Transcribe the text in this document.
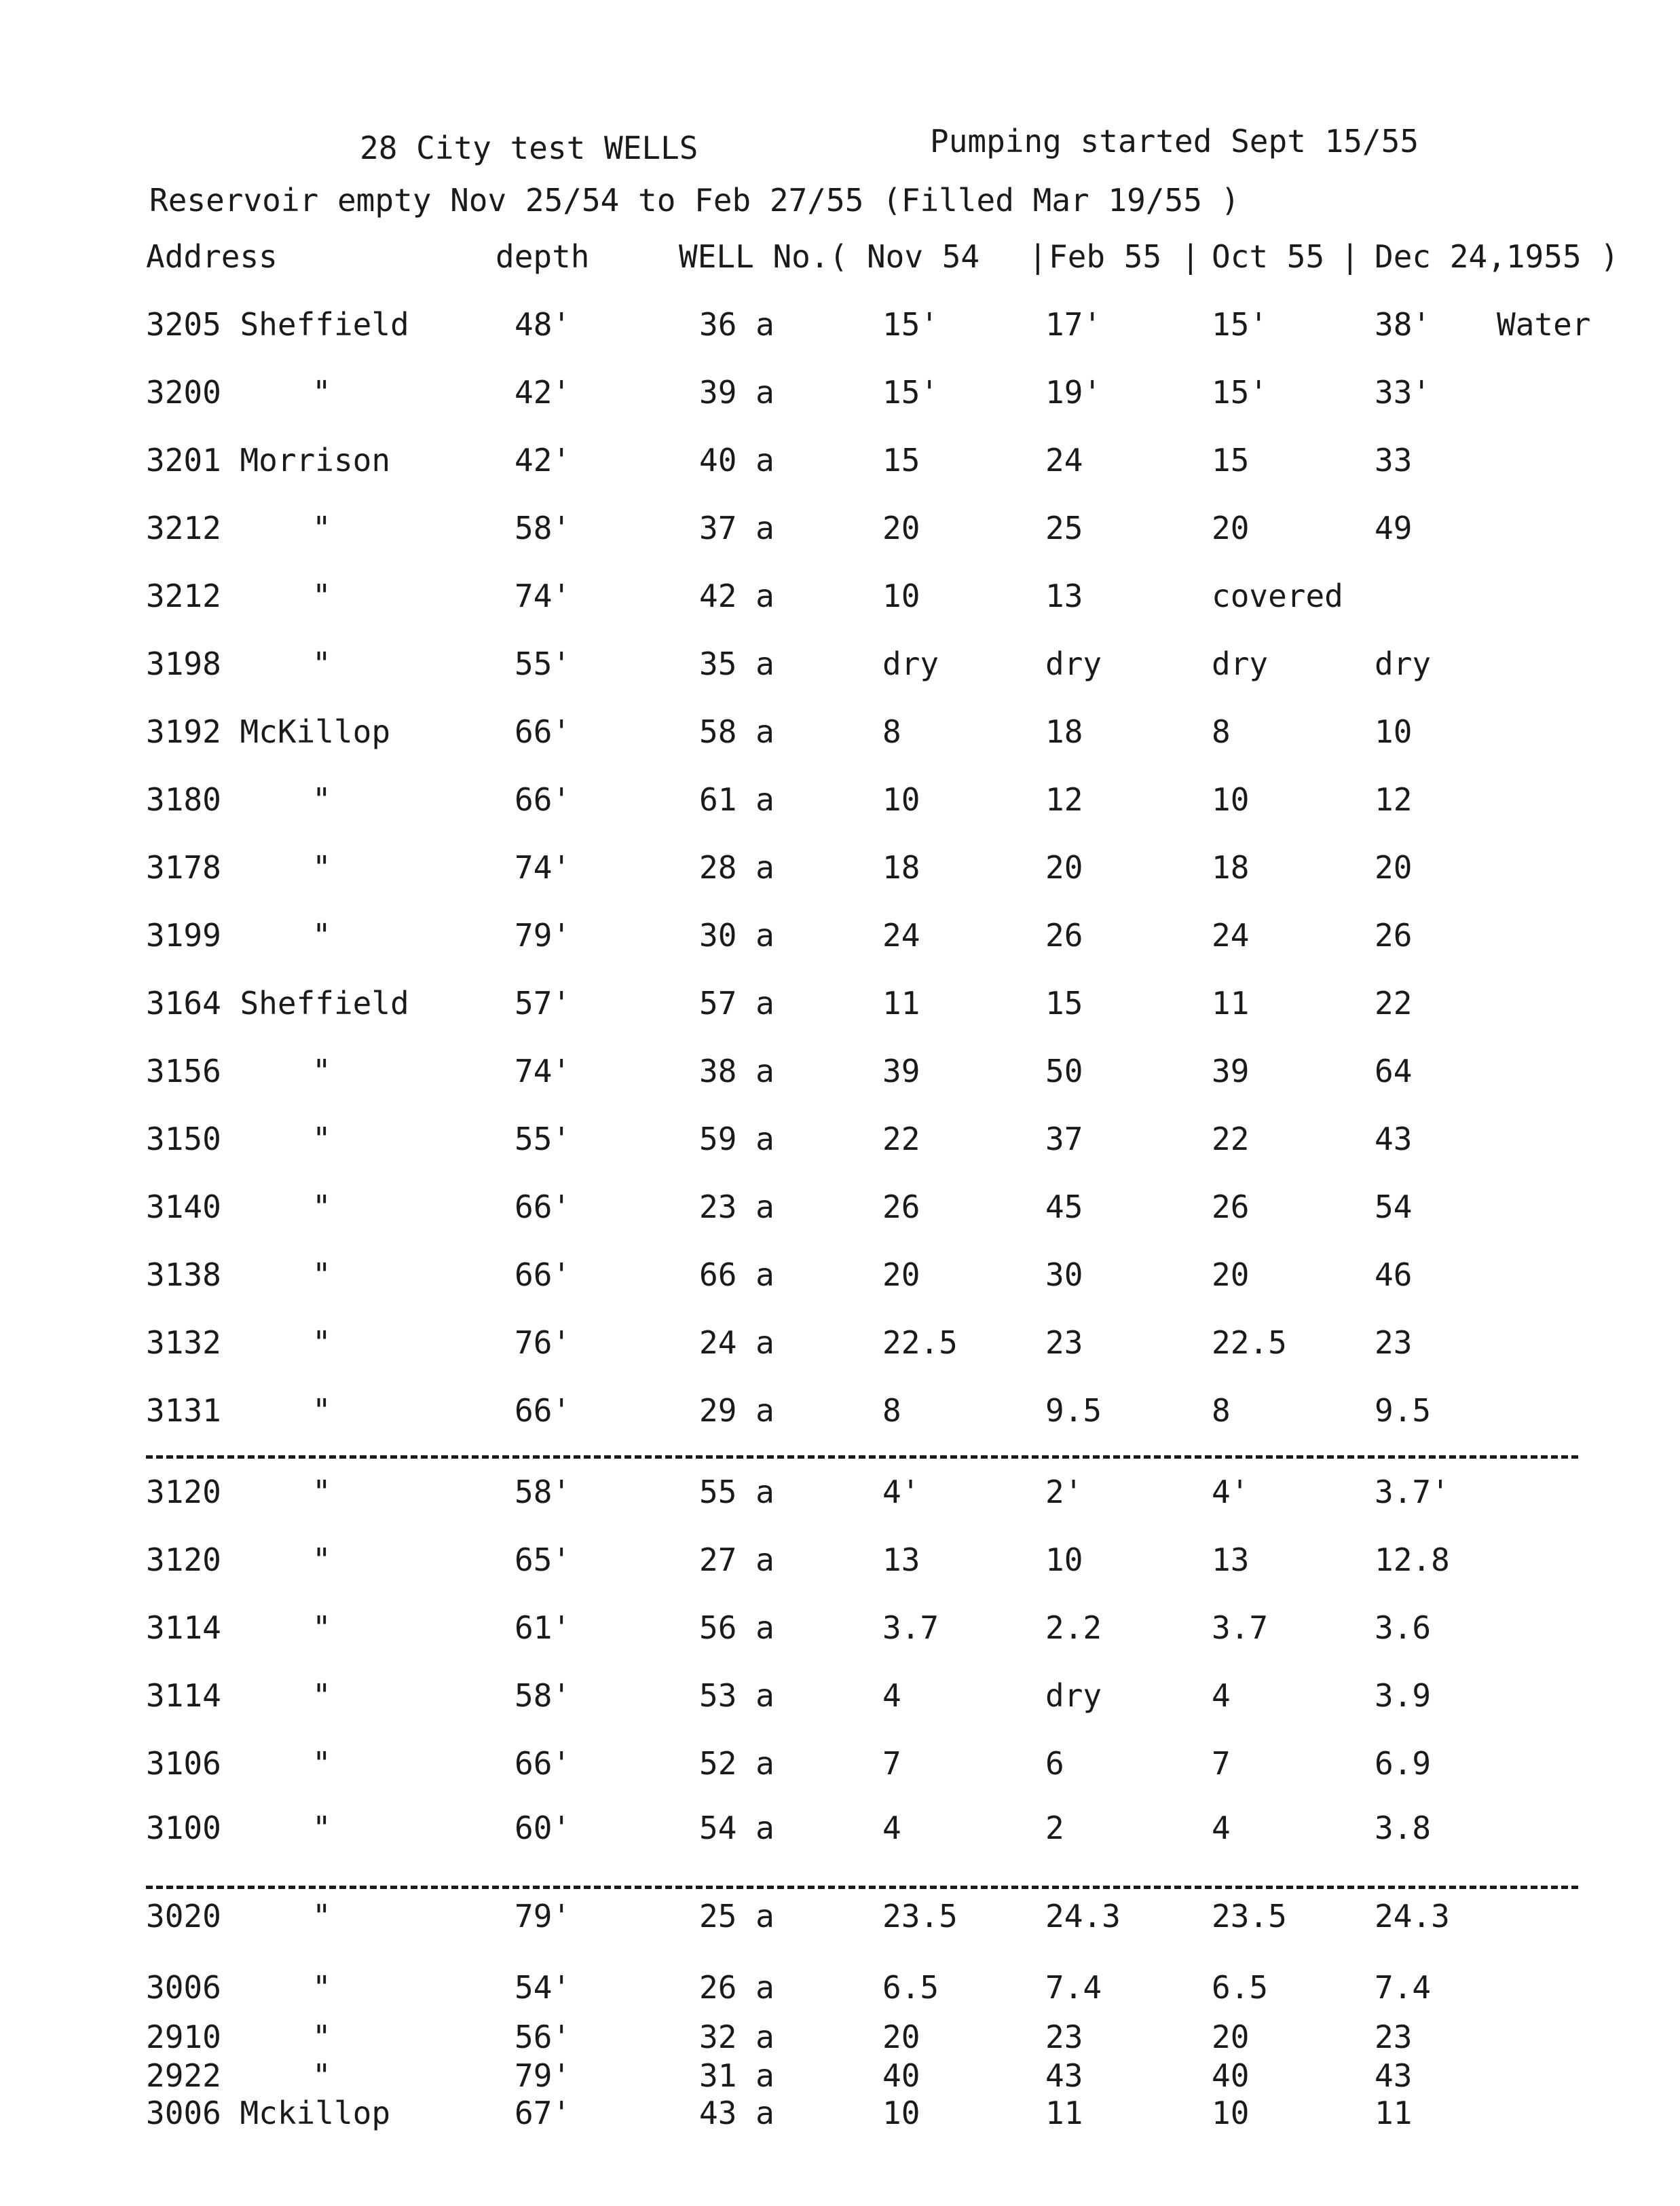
28 City test WELLS	Pumping started Sept 15/55
Reservoir empty Nov 25/54 to Feb 27/55 (Filled Mar 19/55 )
Address	depth	WELL No.( Nov 54 | Feb 55 | Oct 55 | Dec 24,1955 )
3205 Sheffield	48'	36 a	15'	17'	15'	38' Water
3200	"	42'	39 a	15'	19'	15'	33'
3201 Morrison	42'	40 a	15	24	15	33
3212	"	58'	37 a	20	25	20	49
3212	"	74'	42 a	10	13	covered
3198	"	55'	35 a	dry	dry	dry	dry
3192 McKillop	66'	58 a	8	18	8	10
3180	"	66'	61 a	10	12	10	12
3178	"	74'	28 a	18	20	18	20
3199	"	79'	30 a	24	26	24	26
3164 Sheffield	57'	57 a	11	15	11	22
3156	"	74'	38 a	39	50	39	64
3150	"	55'	59 a	22	37	22	43
3140	"	66'	23 a	26	45	26	54
3138	"	66'	66 a	20	30	20	46
3132	"	76'	24 a	22.5	23	22.5	23
3131	"	66'	29 a	8	9.5	8	9.5
3120	"	58'	55 a	4'	2'	4'	3.7'
3120	"	65'	27 a	13	10	13	12.8
3114	"	61'	56 a	3.7	2.2	3.7	3.6
3114	"	58'	53 a	4	dry	4	3.9
3106	"	66'	52 a	7	6	7	6.9
3100	"	60'	54 a	4	2	4	3.8
3020	"	79'	25 a	23.5	24.3	23.5	24.3
3006	"	54'	26 a	6.5	7.4	6.5	7.4
2910	"	56'	32 a	20	23	20	23
2922	"	79'	31 a	40	43	40	43
3006 Mckillop	67'	43 a	10	11	10	11
